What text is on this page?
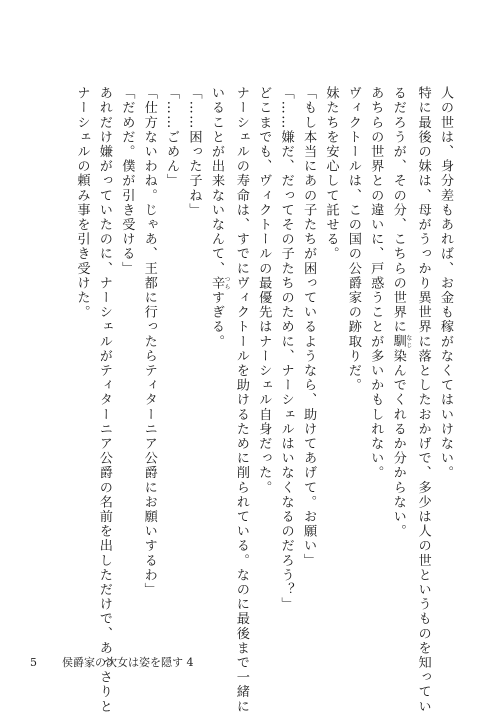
人の世は、身分差もあれば、お金も稼がなくてはいけない。
特に最後の妹は、母がうっかり異世界に落としたおかげで、多少は人の世というものを知ってい
るだろうが、その分、こちらの世界に馴 なじ染んでくれるか分からない。
あちらの世界との違いに、戸惑うことが多いかもしれない。
ヴィクトールは、この国の公爵家の跡取りだ。
妹たちを安心して託せる。
「もし本当にあの子たちが困っているようなら、助けてあげて。お願い」
「……嫌だ、だってその子たちのために、ナーシェルはいなくなるのだろう？」
どこまでも、ヴィクトールの最優先はナーシェル自身だった。
ナーシェルの寿命は、すでにヴィクトールを助けるために削られている。なのに最後まで一緒に
いることが出来ないなんて、辛 つらすぎる。
「……困った子ね」
「……ごめん」
「仕方ないわね。じゃあ、王都に行ったらティターニア公爵にお願いするわ」
「だめだ。僕が引き受ける」
あれだけ嫌がっていたのに、ナーシェルがティターニア公爵の名前を出しただけで、あっさりと
ナーシェルの頼み事を引き受けた。
5 侯爵家の次女は姿を隠す 4
